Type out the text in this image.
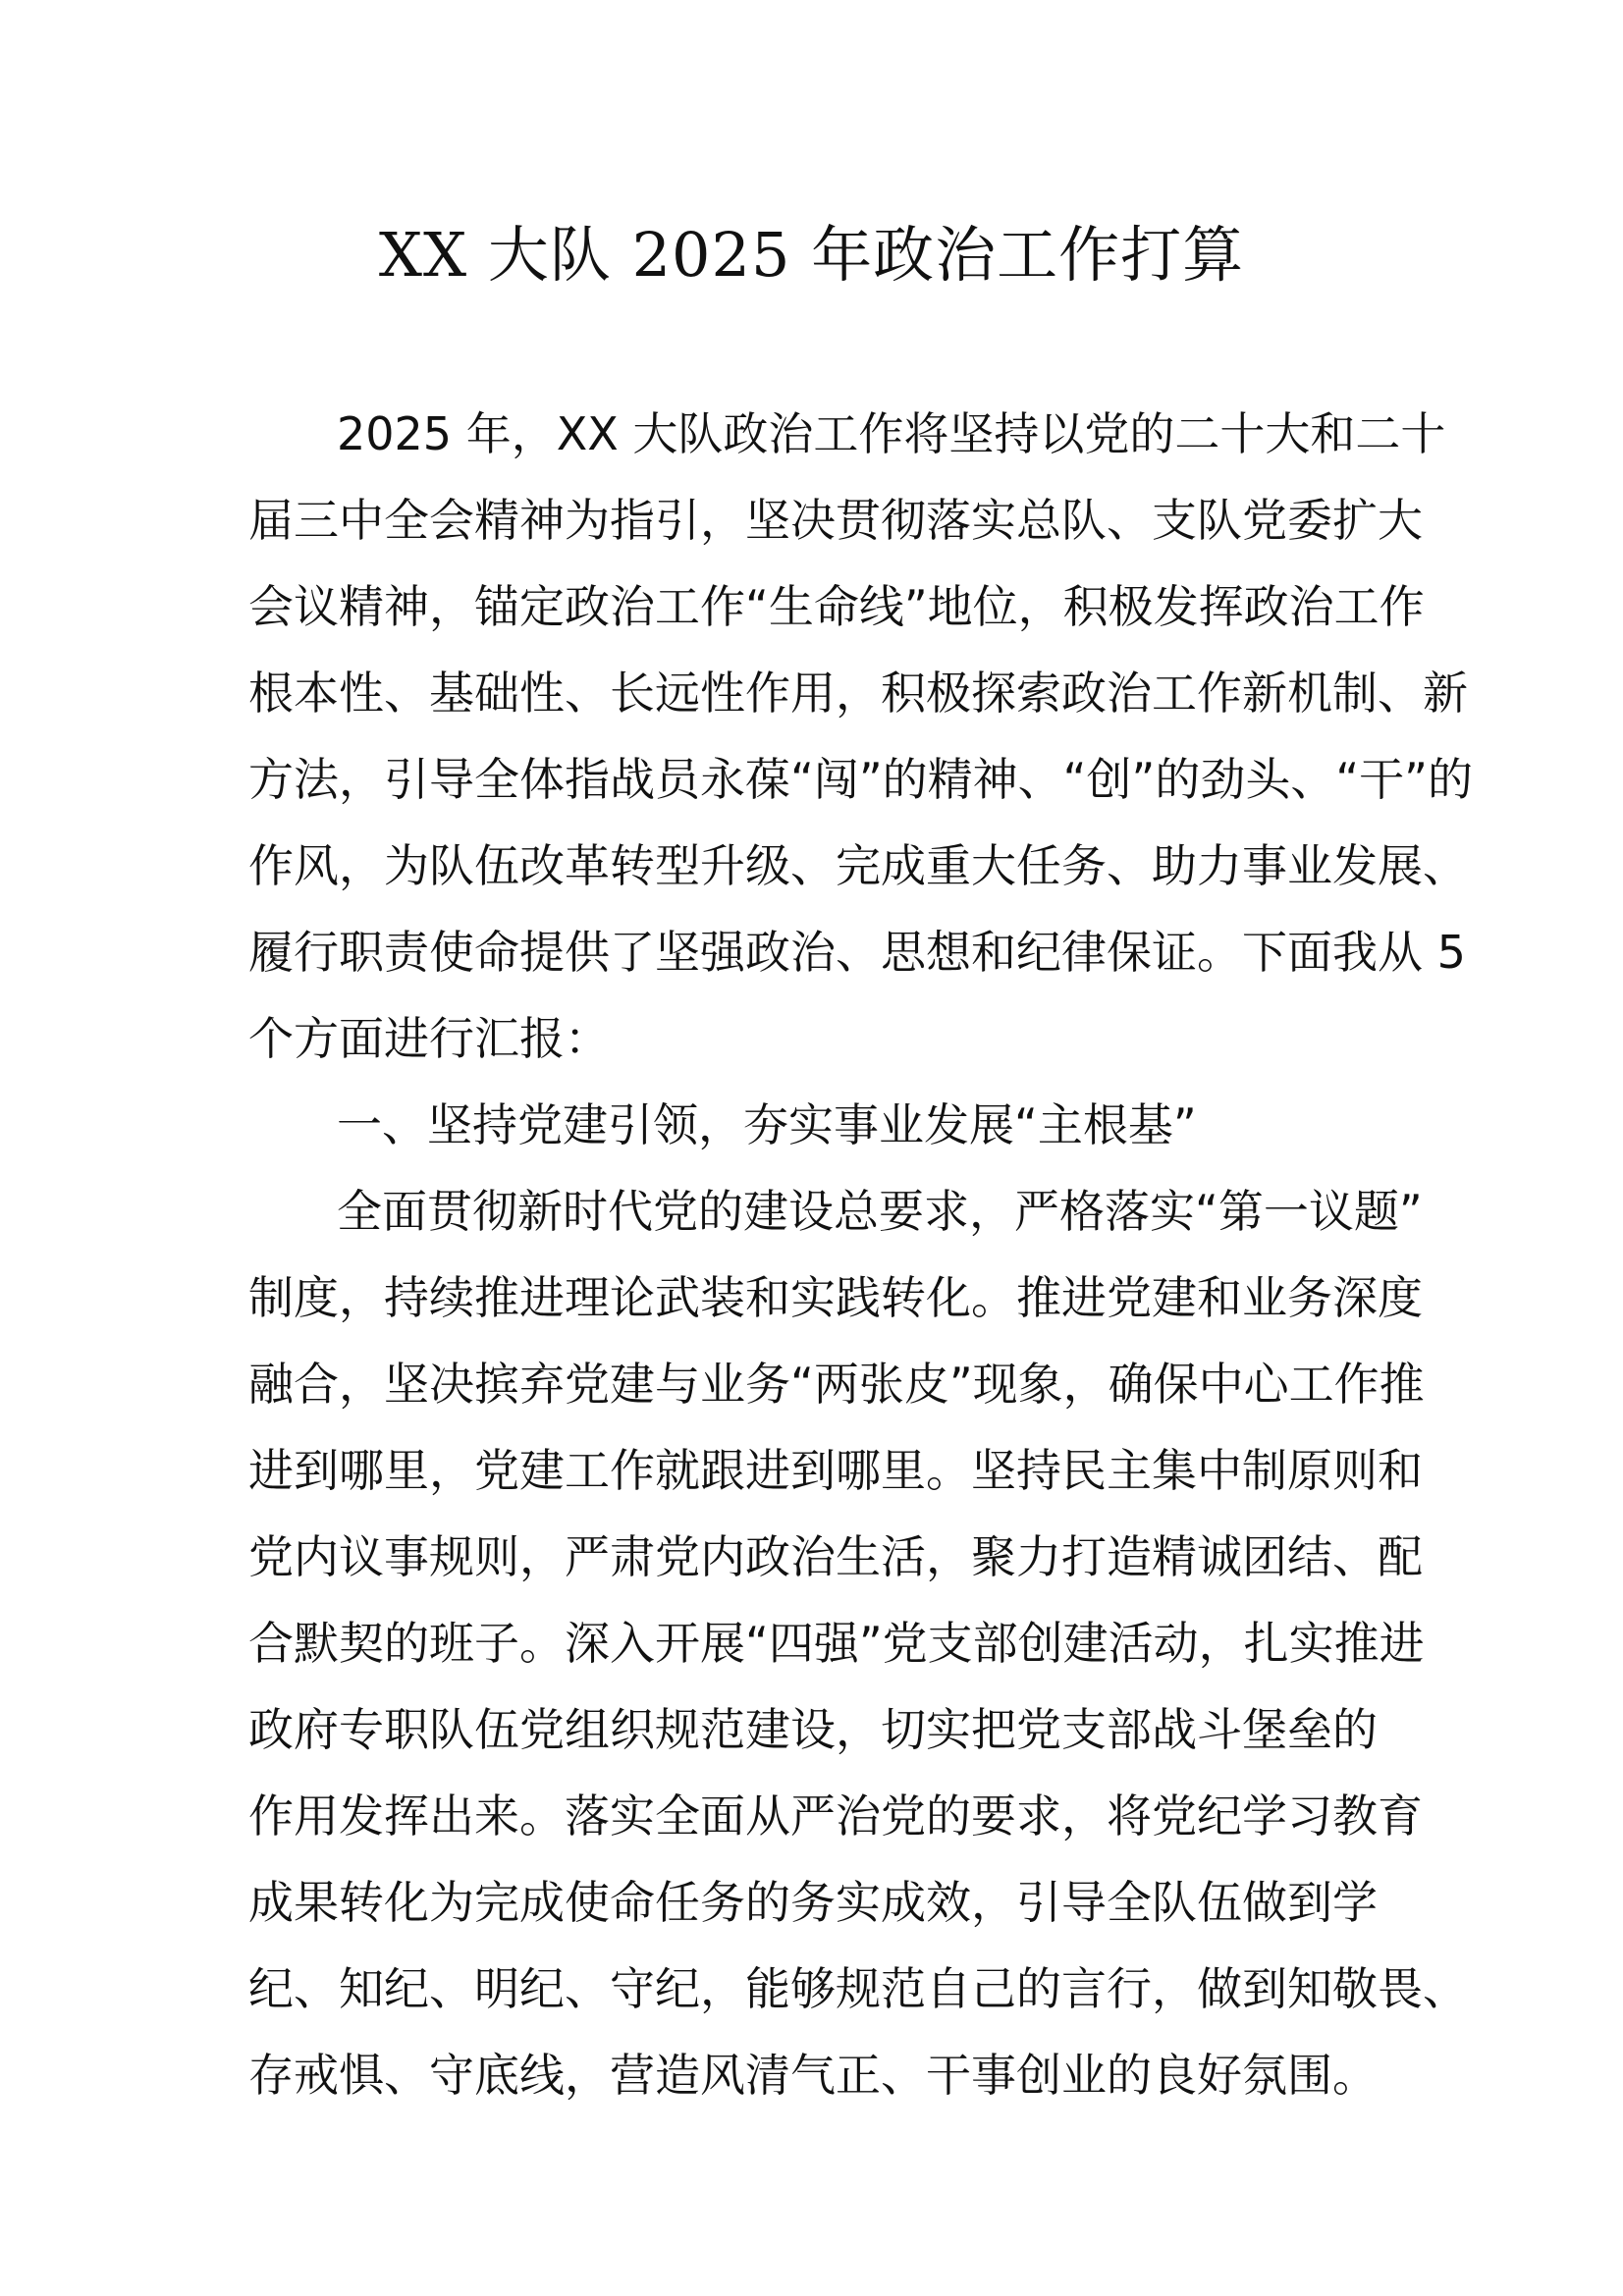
XX 大队 2025 年政治工作打算
2025 年，XX 大队政治工作将坚持以党的二十大和二十
届三中全会精神为指引，坚决贯彻落实总队、支队党委扩大
会议精神，锚定政治工作“生命线”地位，积极发挥政治工作
根本性、基础性、长远性作用，积极探索政治工作新机制、新
方法，引导全体指战员永葆“闯”的精神、“创”的劲头、“干”的
作风，为队伍改革转型升级、完成重大任务、助力事业发展、
履行职责使命提供了坚强政治、思想和纪律保证。下面我从 5
个方面进行汇报：
一、坚持党建引领，夯实事业发展“主根基”
全面贯彻新时代党的建设总要求，严格落实“第一议题”
制度，持续推进理论武装和实践转化。推进党建和业务深度
融合，坚决摈弃党建与业务“两张皮”现象，确保中心工作推
进到哪里，党建工作就跟进到哪里。坚持民主集中制原则和
党内议事规则，严肃党内政治生活，聚力打造精诚团结、配
合默契的班子。深入开展“四强”党支部创建活动，扎实推进
政府专职队伍党组织规范建设，切实把党支部战斗堡垒的
作用发挥出来。落实全面从严治党的要求，将党纪学习教育
成果转化为完成使命任务的务实成效，引导全队伍做到学
纪、知纪、明纪、守纪，能够规范自己的言行，做到知敬畏、
存戒惧、守底线，营造风清气正、干事创业的良好氛围。
